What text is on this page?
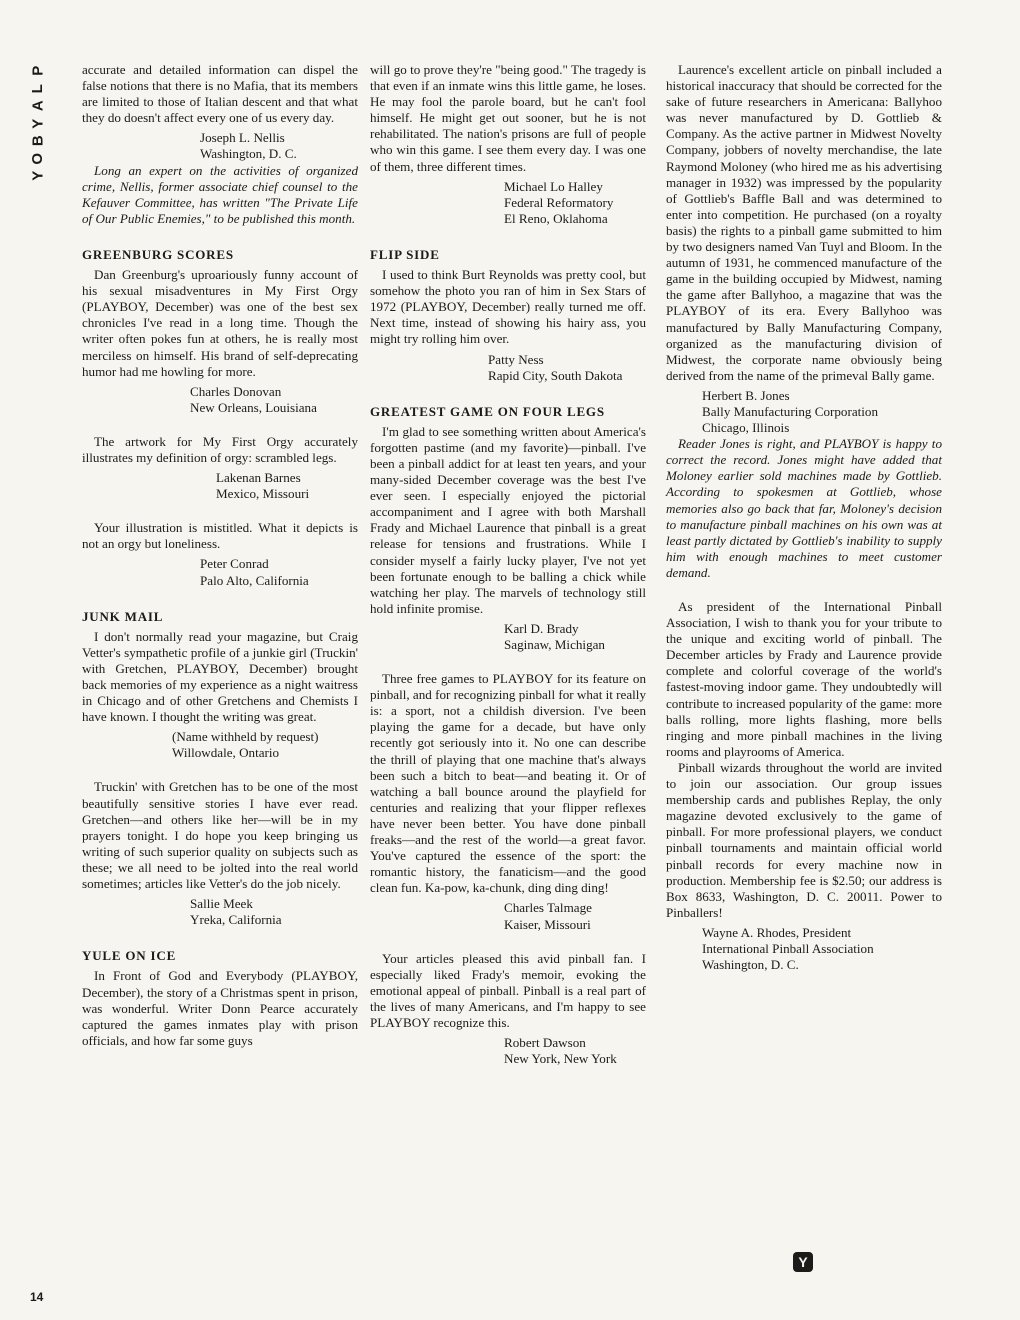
P
L
A
Y
B
O
Y
14

accurate and detailed information can dispel the false notions that there is no Mafia, that its members are limited to those of Italian descent and that what they do doesn't affect every one of us every day.

Joseph L. Nellis
Washington, D. C.

Long an expert on the activities of organized crime, Nellis, former associate chief counsel to the Kefauver Committee, has written "The Private Life of Our Public Enemies," to be published this month.

GREENBURG SCORES

Dan Greenburg's uproariously funny account of his sexual misadventures in My First Orgy (PLAYBOY, December) was one of the best sex chronicles I've read in a long time. Though the writer often pokes fun at others, he is really most merciless on himself. His brand of self-deprecating humor had me howling for more.

Charles Donovan
New Orleans, Louisiana

The artwork for My First Orgy accurately illustrates my definition of orgy: scrambled legs.

Lakenan Barnes
Mexico, Missouri

Your illustration is mistitled. What it depicts is not an orgy but loneliness.

Peter Conrad
Palo Alto, California
JUNK MAIL

I don't normally read your magazine, but Craig Vetter's sympathetic profile of a junkie girl (Truckin' with Gretchen, PLAYBOY, December) brought back memories of my experience as a night waitress in Chicago and of other Gretchens and Chemists I have known. I thought the writing was great.

(Name withheld by request)
Willowdale, Ontario

Truckin' with Gretchen has to be one of the most beautifully sensitive stories I have ever read. Gretchen—and others like her—will be in my prayers tonight. I do hope you keep bringing us writing of such superior quality on subjects such as these; we all need to be jolted into the real world sometimes; articles like Vetter's do the job nicely.

Sallie Meek
Yreka, California
YULE ON ICE

In Front of God and Everybody (PLAYBOY, December), the story of a Christmas spent in prison, was wonderful. Writer Donn Pearce accurately captured the games inmates play with prison officials, and how far some guys

will go to prove they're "being good." The tragedy is that even if an inmate wins this little game, he loses. He may fool the parole board, but he can't fool himself. He might get out sooner, but he is not rehabilitated. The nation's prisons are full of people who win this game. I see them every day. I was one of them, three different times.

Michael Lo Halley
Federal Reformatory
El Reno, Oklahoma
FLIP SIDE

I used to think Burt Reynolds was pretty cool, but somehow the photo you ran of him in Sex Stars of 1972 (PLAYBOY, December) really turned me off. Next time, instead of showing his hairy ass, you might try rolling him over.

Patty Ness
Rapid City, South Dakota
GREATEST GAME ON FOUR LEGS

I'm glad to see something written about America's forgotten pastime (and my favorite)—pinball. I've been a pinball addict for at least ten years, and your many-sided December coverage was the best I've ever seen. I especially enjoyed the pictorial accompaniment and I agree with both Marshall Frady and Michael Laurence that pinball is a great release for tensions and frustrations. While I consider myself a fairly lucky player, I've not yet been fortunate enough to be balling a chick while watching her play. The marvels of technology still hold infinite promise.

Karl D. Brady
Saginaw, Michigan

Three free games to PLAYBOY for its feature on pinball, and for recognizing pinball for what it really is: a sport, not a childish diversion. I've been playing the game for a decade, but have only recently got seriously into it. No one can describe the thrill of playing that one machine that's always been such a bitch to beat—and beating it. Or of watching a ball bounce around the playfield for centuries and realizing that your flipper reflexes have never been better. You have done pinball freaks—and the rest of the world—a great favor. You've captured the essence of the sport: the romantic history, the fanaticism—and the good clean fun. Ka-pow, ka-chunk, ding ding ding!

Charles Talmage
Kaiser, Missouri

Your articles pleased this avid pinball fan. I especially liked Frady's memoir, evoking the emotional appeal of pinball. Pinball is a real part of the lives of many Americans, and I'm happy to see PLAYBOY recognize this.

Robert Dawson
New York, New York

Laurence's excellent article on pinball included a historical inaccuracy that should be corrected for the sake of future researchers in Americana: Ballyhoo was never manufactured by D. Gottlieb & Company. As the active partner in Midwest Novelty Company, jobbers of novelty merchandise, the late Raymond Moloney (who hired me as his advertising manager in 1932) was impressed by the popularity of Gottlieb's Baffle Ball and was determined to enter into competition. He purchased (on a royalty basis) the rights to a pinball game submitted to him by two designers named Van Tuyl and Bloom. In the autumn of 1931, he commenced manufacture of the game in the building occupied by Midwest, naming the game after Ballyhoo, a magazine that was the PLAYBOY of its era. Every Ballyhoo was manufactured by Bally Manufacturing Company, organized as the manufacturing division of Midwest, the corporate name obviously being derived from the name of the primeval Bally game.

Herbert B. Jones
Bally Manufacturing Corporation
Chicago, Illinois

Reader Jones is right, and PLAYBOY is happy to correct the record. Jones might have added that Moloney earlier sold machines made by Gottlieb. According to spokesmen at Gottlieb, whose memories also go back that far, Moloney's decision to manufacture pinball machines on his own was at least partly dictated by Gottlieb's inability to supply him with enough machines to meet customer demand.

As president of the International Pinball Association, I wish to thank you for your tribute to the unique and exciting world of pinball. The December articles by Frady and Laurence provide complete and colorful coverage of the world's fastest-moving indoor game. They undoubtedly will contribute to increased popularity of the game: more balls rolling, more lights flashing, more bells ringing and more pinball machines in the living rooms and playrooms of America.

Pinball wizards throughout the world are invited to join our association. Our group issues membership cards and publishes Replay, the only magazine devoted exclusively to the game of pinball. For more professional players, we conduct pinball tournaments and maintain official world pinball records for every machine now in production. Membership fee is $2.50; our address is Box 8633, Washington, D. C. 20011. Power to Pinballers!

Wayne A. Rhodes, President
International Pinball Association
Washington, D. C.
Y
